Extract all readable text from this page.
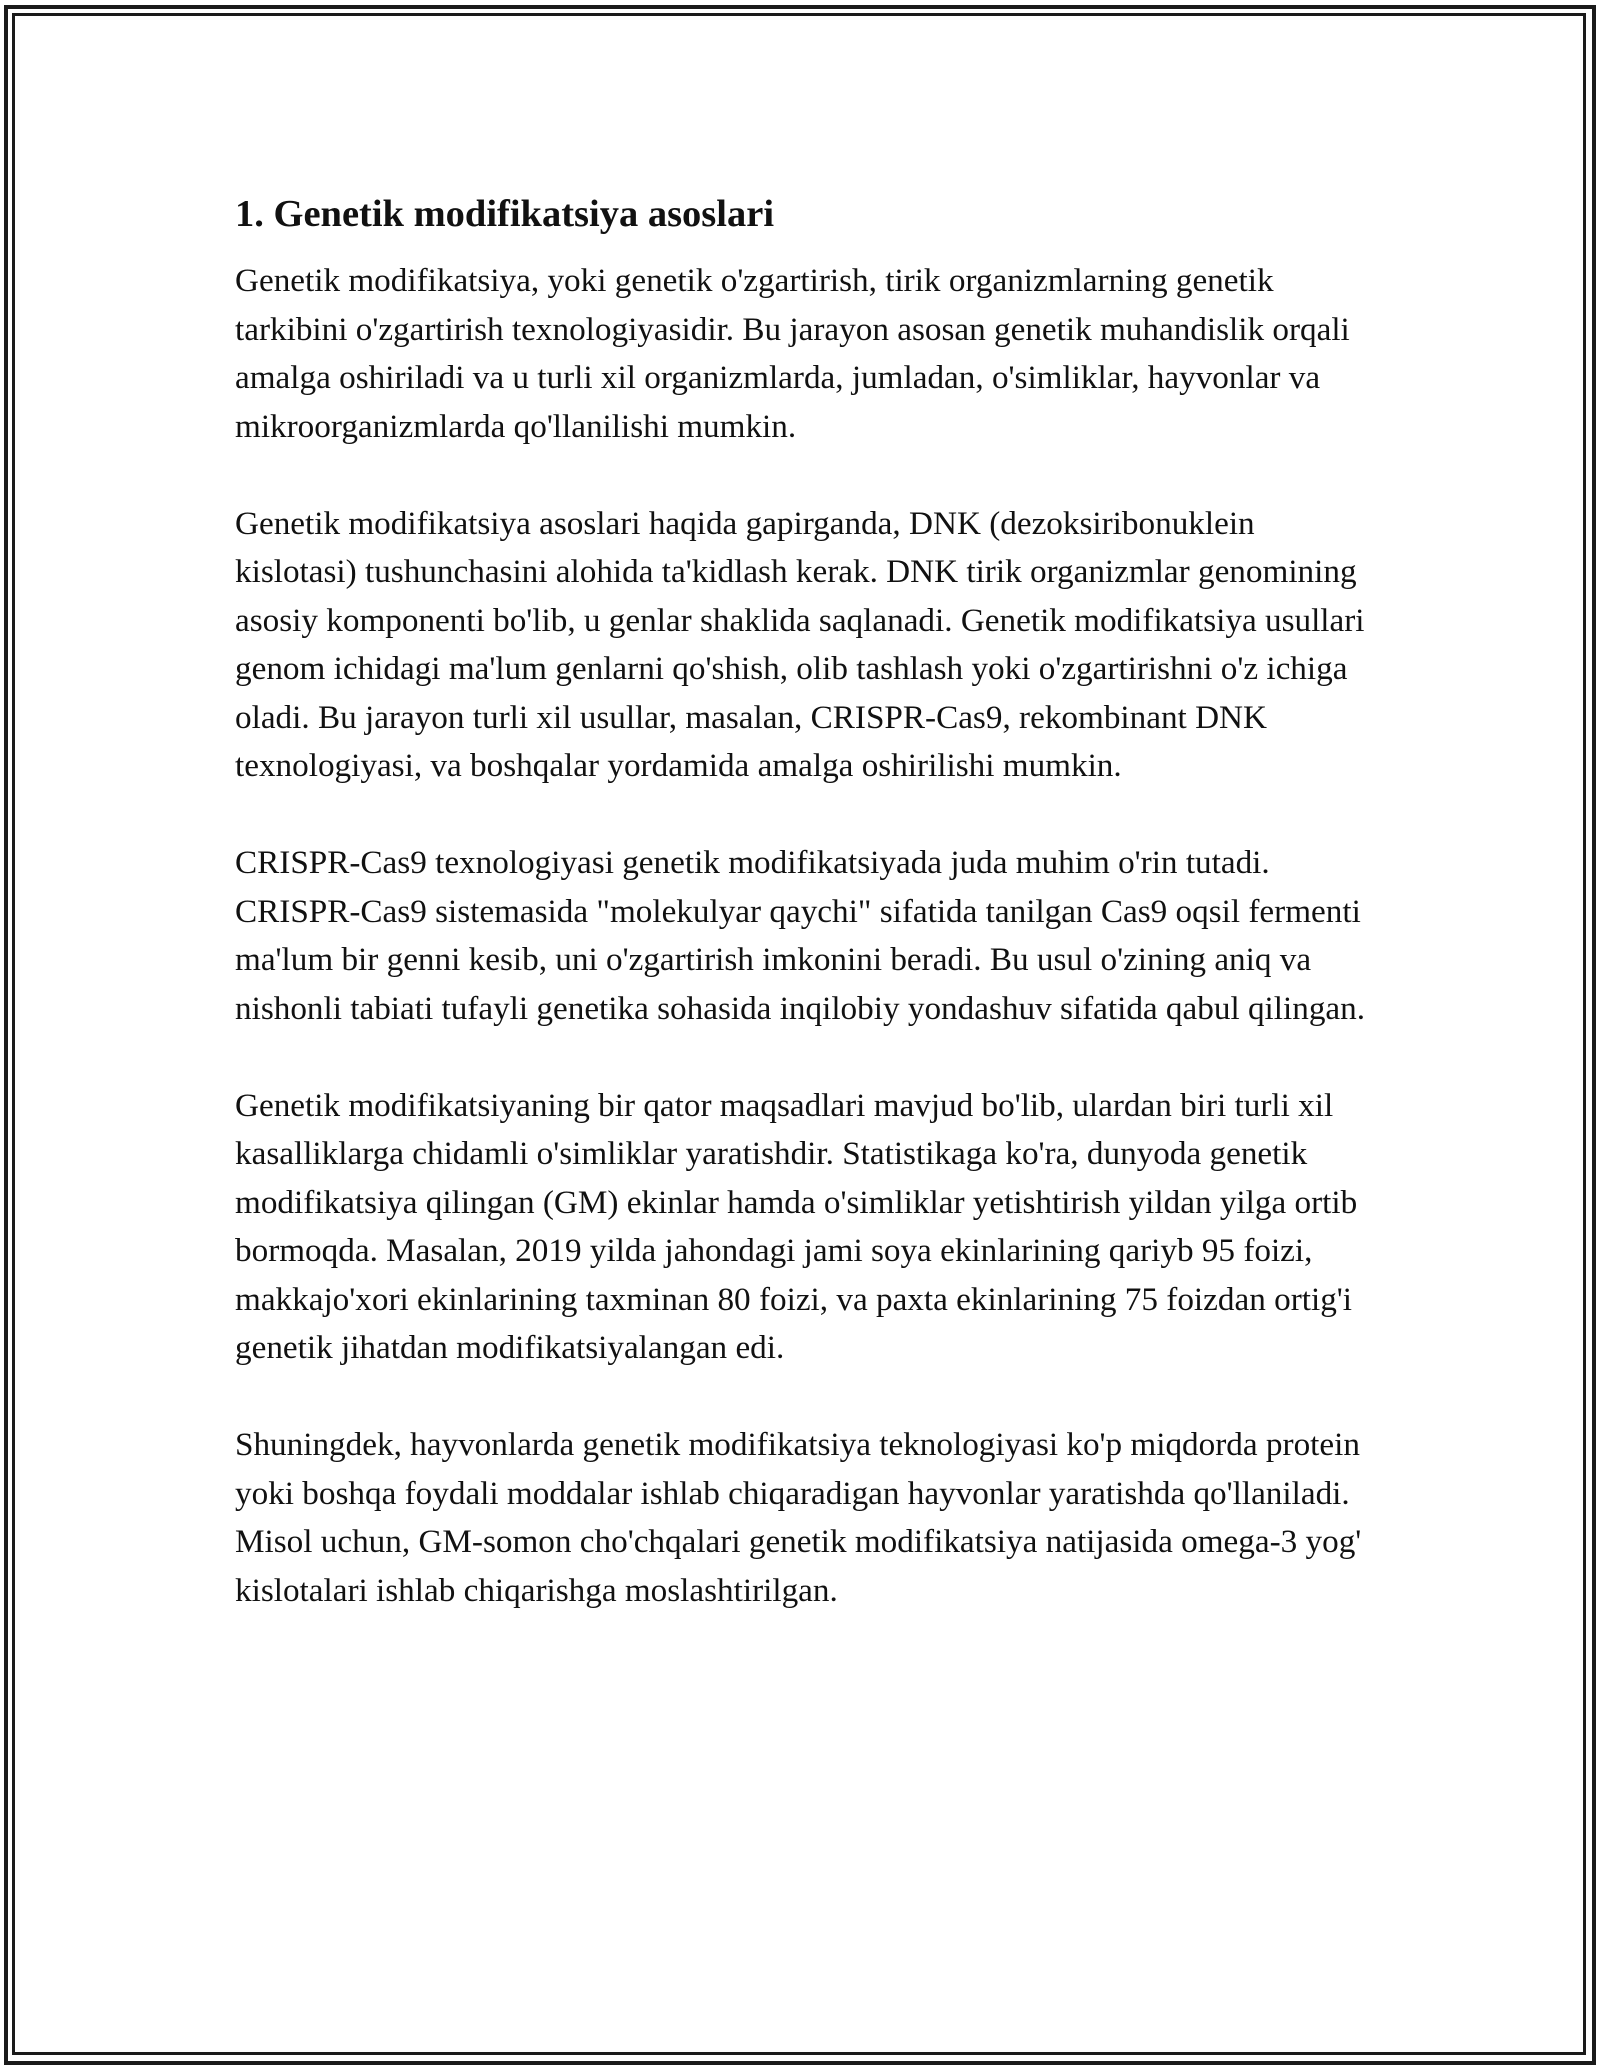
1. Genetik modifikatsiya asoslari

Genetik modifikatsiya, yoki genetik o'zgartirish, tirik organizmlarning genetik tarkibini o'zgartirish texnologiyasidir. Bu jarayon asosan genetik muhandislik orqali amalga oshiriladi va u turli xil organizmlarda, jumladan, o'simliklar, hayvonlar va mikroorganizmlarda qo'llanilishi mumkin.

Genetik modifikatsiya asoslari haqida gapirganda, DNK (dezoksiribonuklein kislotasi) tushunchasini alohida ta'kidlash kerak. DNK tirik organizmlar genomining asosiy komponenti bo'lib, u genlar shaklida saqlanadi. Genetik modifikatsiya usullari genom ichidagi ma'lum genlarni qo'shish, olib tashlash yoki o'zgartirishni o'z ichiga oladi. Bu jarayon turli xil usullar, masalan, CRISPR-Cas9, rekombinant DNK texnologiyasi, va boshqalar yordamida amalga oshirilishi mumkin.

CRISPR-Cas9 texnologiyasi genetik modifikatsiyada juda muhim o'rin tutadi. CRISPR-Cas9 sistemasida "molekulyar qaychi" sifatida tanilgan Cas9 oqsil fermenti ma'lum bir genni kesib, uni o'zgartirish imkonini beradi. Bu usul o'zining aniq va nishonli tabiati tufayli genetika sohasida inqilobiy yondashuv sifatida qabul qilingan.

Genetik modifikatsiyaning bir qator maqsadlari mavjud bo'lib, ulardan biri turli xil kasalliklarga chidamli o'simliklar yaratishdir. Statistikaga ko'ra, dunyoda genetik modifikatsiya qilingan (GM) ekinlar hamda o'simliklar yetishtirish yildan yilga ortib bormoqda. Masalan, 2019 yilda jahondagi jami soya ekinlarining qariyb 95 foizi, makkajo'xori ekinlarining taxminan 80 foizi, va paxta ekinlarining 75 foizdan ortig'i genetik jihatdan modifikatsiyalangan edi.

Shuningdek, hayvonlarda genetik modifikatsiya teknologiyasi ko'p miqdorda protein yoki boshqa foydali moddalar ishlab chiqaradigan hayvonlar yaratishda qo'llaniladi. Misol uchun, GM-somon cho'chqalari genetik modifikatsiya natijasida omega-3 yog' kislotalari ishlab chiqarishga moslashtirilgan.
